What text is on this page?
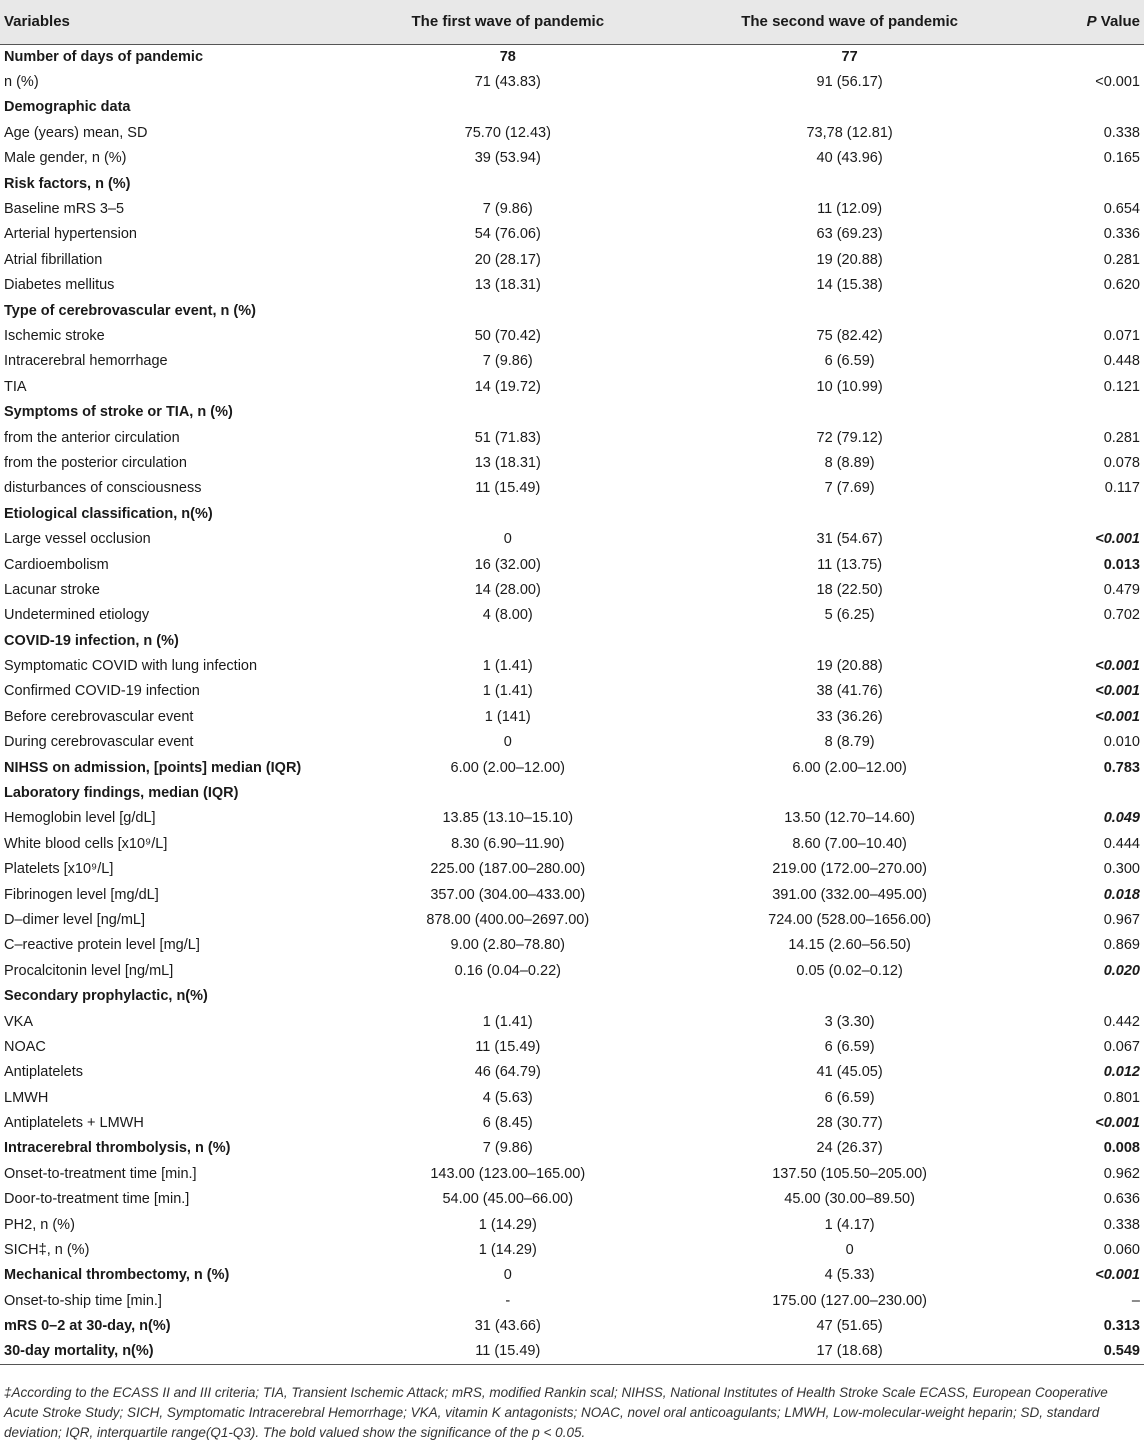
Variables	The first wave of pandemic	The second wave of pandemic	P Value
Number of days of pandemic	78	77	
n (%)	71 (43.83)	91 (56.17)	<0.001
Demographic data			
Age (years) mean, SD	75.70 (12.43)	73,78 (12.81)	0.338
Male gender, n (%)	39 (53.94)	40 (43.96)	0.165
Risk factors, n (%)			
Baseline mRS 3–5	7 (9.86)	11 (12.09)	0.654
Arterial hypertension	54 (76.06)	63 (69.23)	0.336
Atrial fibrillation	20 (28.17)	19 (20.88)	0.281
Diabetes mellitus	13 (18.31)	14 (15.38)	0.620
Type of cerebrovascular event, n (%)			
Ischemic stroke	50 (70.42)	75 (82.42)	0.071
Intracerebral hemorrhage	7 (9.86)	6 (6.59)	0.448
TIA	14 (19.72)	10 (10.99)	0.121
Symptoms of stroke or TIA, n (%)			
from the anterior circulation	51 (71.83)	72 (79.12)	0.281
from the posterior circulation	13 (18.31)	8 (8.89)	0.078
disturbances of consciousness	11 (15.49)	7 (7.69)	0.117
Etiological classification, n(%)			
Large vessel occlusion	0	31 (54.67)	<0.001
Cardioembolism	16 (32.00)	11 (13.75)	0.013
Lacunar stroke	14 (28.00)	18 (22.50)	0.479
Undetermined etiology	4 (8.00)	5 (6.25)	0.702
COVID-19 infection, n (%)			
Symptomatic COVID with lung infection	1 (1.41)	19 (20.88)	<0.001
Confirmed COVID-19 infection	1 (1.41)	38 (41.76)	<0.001
Before cerebrovascular event	1 (141)	33 (36.26)	<0.001
During cerebrovascular event	0	8 (8.79)	0.010
NIHSS on admission, [points] median (IQR)	6.00 (2.00–12.00)	6.00 (2.00–12.00)	0.783
Laboratory findings, median (IQR)			
Hemoglobin level [g/dL]	13.85 (13.10–15.10)	13.50 (12.70–14.60)	0.049
White blood cells [x10⁹/L]	8.30 (6.90–11.90)	8.60 (7.00–10.40)	0.444
Platelets [x10⁹/L]	225.00 (187.00–280.00)	219.00 (172.00–270.00)	0.300
Fibrinogen level [mg/dL]	357.00 (304.00–433.00)	391.00 (332.00–495.00)	0.018
D–dimer level [ng/mL]	878.00 (400.00–2697.00)	724.00 (528.00–1656.00)	0.967
C–reactive protein level [mg/L]	9.00 (2.80–78.80)	14.15 (2.60–56.50)	0.869
Procalcitonin level [ng/mL]	0.16 (0.04–0.22)	0.05 (0.02–0.12)	0.020
Secondary prophylactic, n(%)			
VKA	1 (1.41)	3 (3.30)	0.442
NOAC	11 (15.49)	6 (6.59)	0.067
Antiplatelets	46 (64.79)	41 (45.05)	0.012
LMWH	4 (5.63)	6 (6.59)	0.801
Antiplatelets + LMWH	6 (8.45)	28 (30.77)	<0.001
Intracerebral thrombolysis, n (%)	7 (9.86)	24 (26.37)	0.008
Onset-to-treatment time [min.]	143.00 (123.00–165.00)	137.50 (105.50–205.00)	0.962
Door-to-treatment time [min.]	54.00 (45.00–66.00)	45.00 (30.00–89.50)	0.636
PH2, n (%)	1 (14.29)	1 (4.17)	0.338
SICH‡, n (%)	1 (14.29)	0	0.060
Mechanical thrombectomy, n (%)	0	4 (5.33)	<0.001
Onset-to-ship time [min.]	-	175.00 (127.00–230.00)	–
mRS 0–2 at 30-day, n(%)	31 (43.66)	47 (51.65)	0.313
30-day mortality, n(%)	11 (15.49)	17 (18.68)	0.549
‡According to the ECASS II and III criteria; TIA, Transient Ischemic Attack; mRS, modified Rankin scal; NIHSS, National Institutes of Health Stroke Scale ECASS, European Cooperative Acute Stroke Study; SICH, Symptomatic Intracerebral Hemorrhage; VKA, vitamin K antagonists; NOAC, novel oral anticoagulants; LMWH, Low-molecular-weight heparin; SD, standard deviation; IQR, interquartile range(Q1-Q3). The bold valued show the significance of the p < 0.05.
